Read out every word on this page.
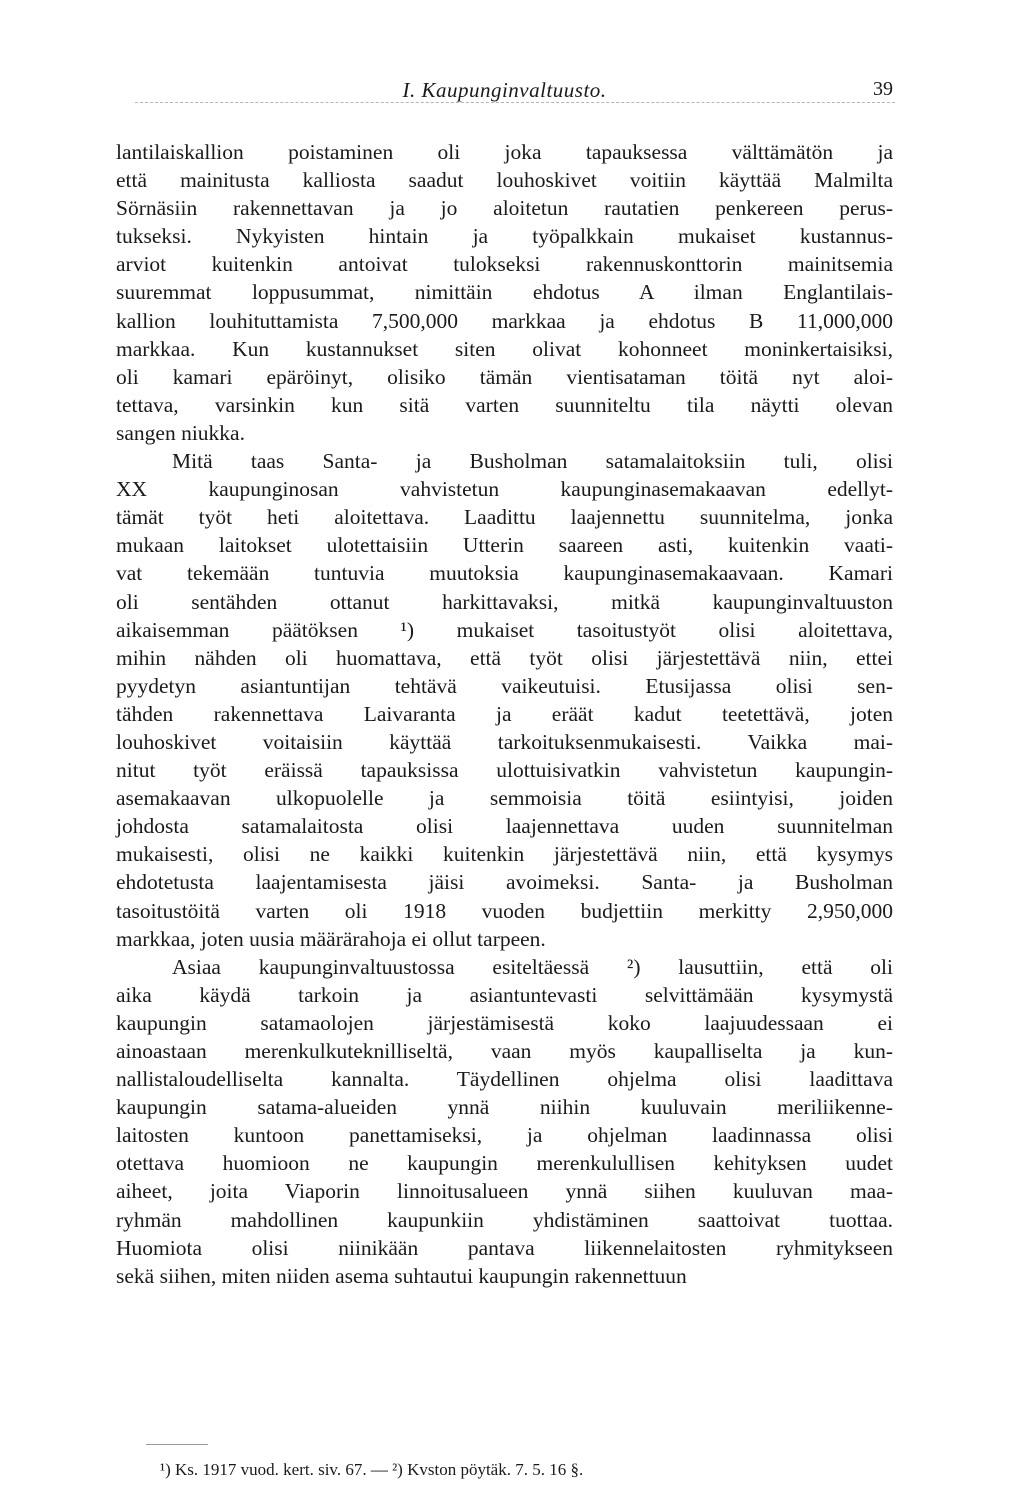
I. Kaupunginvaltuusto.	39
lantilaiskallion poistaminen oli joka tapauksessa välttämätön ja
että mainitusta kalliosta saadut louhoskivet voitiin käyttää Malmilta
Sörnäsiin rakennettavan ja jo aloitetun rautatien penkereen perus-
tukseksi. Nykyisten hintain ja työpalkkain mukaiset kustannus-
arviot kuitenkin antoivat tulokseksi rakennuskonttorin mainitsemia
suuremmat loppusummat, nimittäin ehdotus A ilman Englantilais-
kallion louhituttamista 7,500,000 markkaa ja ehdotus B 11,000,000
markkaa. Kun kustannukset siten olivat kohonneet moninkertaisiksi,
oli kamari epäröinyt, olisiko tämän vientisataman töitä nyt aloi-
tettava, varsinkin kun sitä varten suunniteltu tila näytti olevan
sangen niukka.
Mitä taas Santa- ja Busholman satamalaitoksiin tuli, olisi
XX kaupunginosan vahvistetun kaupunginasemakaavan edellyt-
tämät työt heti aloitettava. Laadittu laajennettu suunnitelma, jonka
mukaan laitokset ulotettaisiin Utterin saareen asti, kuitenkin vaati-
vat tekemään tuntuvia muutoksia kaupunginasemakaavaan. Kamari
oli sentähden ottanut harkittavaksi, mitkä kaupunginvaltuuston
aikaisemman päätöksen ¹) mukaiset tasoitustyöt olisi aloitettava,
mihin nähden oli huomattava, että työt olisi järjestettävä niin, ettei
pyydetyn asiantuntijan tehtävä vaikeutuisi. Etusijassa olisi sen-
tähden rakennettava Laivaranta ja eräät kadut teetettävä, joten
louhoskivet voitaisiin käyttää tarkoituksenmukaisesti. Vaikka mai-
nitut työt eräissä tapauksissa ulottuisivatkin vahvistetun kaupungin-
asemakaavan ulkopuolelle ja semmoisia töitä esiintyisi, joiden
johdosta satamalaitosta olisi laajennettava uuden suunnitelman
mukaisesti, olisi ne kaikki kuitenkin järjestettävä niin, että kysymys
ehdotetusta laajentamisesta jäisi avoimeksi. Santa- ja Busholman
tasoitustöitä varten oli 1918 vuoden budjettiin merkitty 2,950,000
markkaa, joten uusia määrärahoja ei ollut tarpeen.
Asiaa kaupunginvaltuustossa esiteltäessä ²) lausuttiin, että oli
aika käydä tarkoin ja asiantuntevasti selvittämään kysymystä
kaupungin satamaolojen järjestämisestä koko laajuudessaan ei
ainoastaan merenkulkuteknilliseltä, vaan myös kaupalliselta ja kun-
nallistaloudelliselta kannalta. Täydellinen ohjelma olisi laadittava
kaupungin satama-alueiden ynnä niihin kuuluvain meriliikenne-
laitosten kuntoon panettamiseksi, ja ohjelman laadinnassa olisi
otettava huomioon ne kaupungin merenkulullisen kehityksen uudet
aiheet, joita Viaporin linnoitusalueen ynnä siihen kuuluvan maa-
ryhmän mahdollinen kaupunkiin yhdistäminen saattoivat tuottaa.
Huomiota olisi niinikään pantava liikennelaitosten ryhmitykseen
sekä siihen, miten niiden asema suhtautui kaupungin rakennettuun
¹) Ks. 1917 vuod. kert. siv. 67. — ²) Kvston pöytäk. 7. 5. 16 §.
